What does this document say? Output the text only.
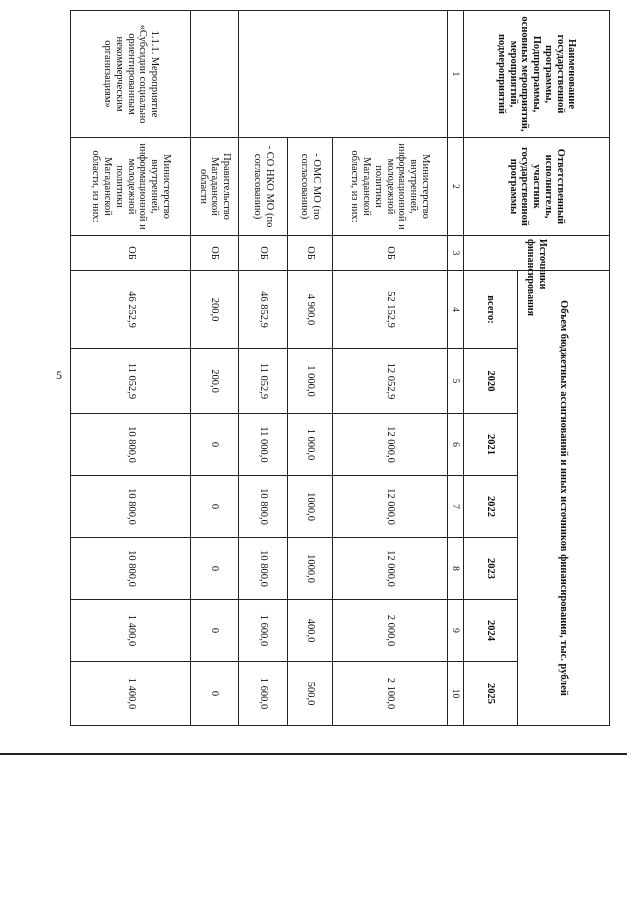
5
Наименование государственной программы, Подпрограммы, основных мероприятий, мероприятий, подмероприятий	Ответственный исполнитель, участник государственной программы	Источники финансирования	Объем бюджетных ассигнований и иных источников финансирования, тыс. рублей						
			всего:	2020	2021	2022	2023	2024	2025
1	2	3	4	5	6	7	8	9	10
	Министерство внутренней, информационной и молодежной политики Магаданской области, из них:	ОБ	52 152,9	12 052,9	12 000,0	12 000,0	12 000,0	2 000,0	2 100,0
	- ОМС МО (по согласованию)	ОБ	4 900,0	1 000,0	1 000,0	1000,0	1000,0	400,0	500,0
	- СО НКО МО (по согласованию)	ОБ	46 852,9	11 052,9	11 000,0	10 800,0	10 800,0	1 600,0	1 600,0
	Правительство Магаданской области	ОБ	200,0	200,0	0	0	0	0	0
1.1.1. Мероприятие «Субсидии социально ориентированным некоммерческим организациям»	Министерство внутренней, информационной и молодежной политики Магаданской области, из них:	ОБ	46 252,9	11 052,9	10 800,0	10 800,0	10 800,0	1 400,0	1 400,0
